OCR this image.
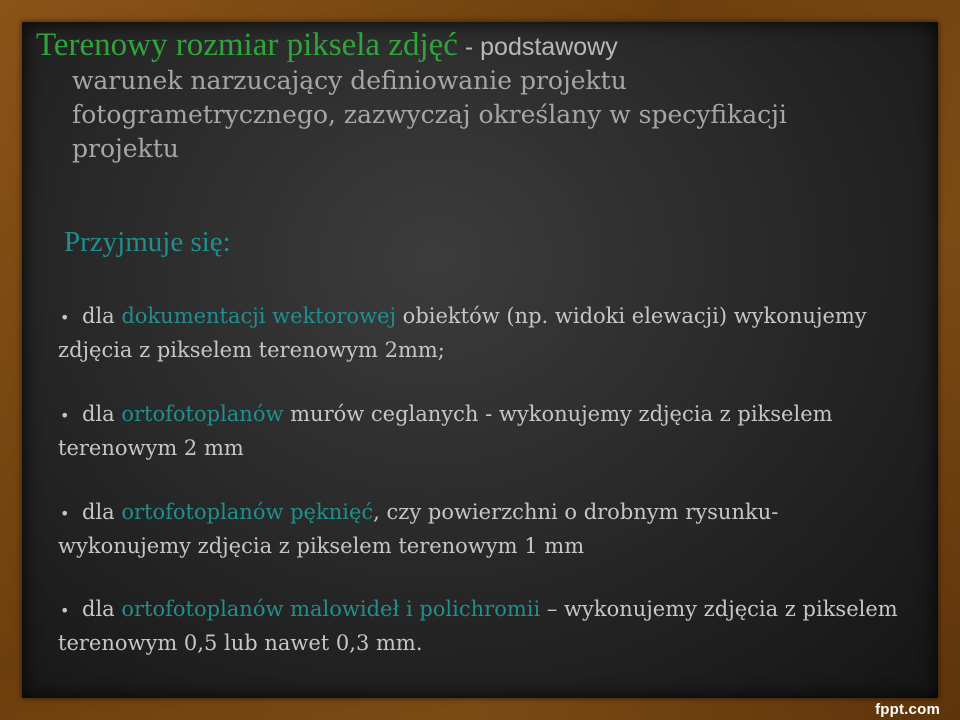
Terenowy rozmiar piksela zdjęć - podstawowy
warunek narzucający definiowanie projektu
fotogrametrycznego, zazwyczaj określany w specyfikacji
projektu
Przyjmuje się:
• dla dokumentacji wektorowej obiektów (np. widoki elewacji) wykonujemy zdjęcia z pikselem terenowym 2mm;
• dla ortofotoplanów murów ceglanych - wykonujemy zdjęcia z pikselem terenowym 2 mm
• dla ortofotoplanów pęknięć, czy powierzchni o drobnym rysunku-wykonujemy zdjęcia z pikselem terenowym 1 mm
• dla ortofotoplanów malowideł i polichromii – wykonujemy zdjęcia z pikselem terenowym 0,5 lub nawet 0,3 mm.
fppt.com
